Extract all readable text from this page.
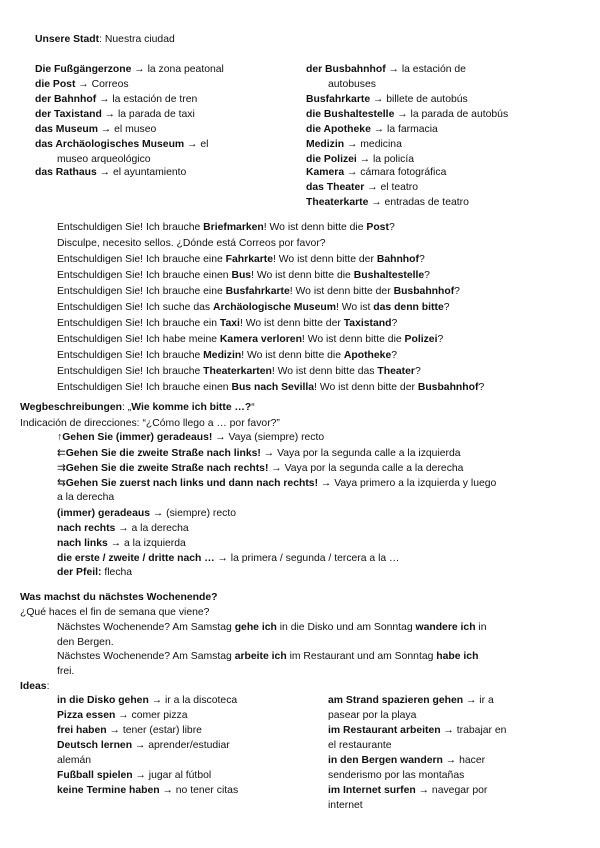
Unsere Stadt: Nuestra ciudad
Die Fußgängerzone → la zona peatonal
die Post → Correos
der Bahnhof → la estación de tren
der Taxistand → la parada de taxi
das Museum → el museo
das Archäologisches Museum → el
museo arqueológico
das Rathaus → el ayuntamiento
der Busbahnhof → la estación de
autobuses
Busfahrkarte → billete de autobús
die Bushaltestelle → la parada de autobús
die Apotheke → la farmacia
Medizin → medicina
die Polizei → la policía
Kamera → cámara fotográfica
das Theater → el teatro
Theaterkarte → entradas de teatro
Entschuldigen Sie! Ich brauche Briefmarken! Wo ist denn bitte die Post?
Disculpe, necesito sellos. ¿Dónde está Correos por favor?
Entschuldigen Sie! Ich brauche eine Fahrkarte! Wo ist denn bitte der Bahnhof?
Entschuldigen Sie! Ich brauche einen Bus! Wo ist denn bitte die Bushaltestelle?
Entschuldigen Sie! Ich brauche eine Busfahrkarte! Wo ist denn bitte der Busbahnhof?
Entschuldigen Sie! Ich suche das Archäologische Museum! Wo ist das denn bitte?
Entschuldigen Sie! Ich brauche ein Taxi! Wo ist denn bitte der Taxistand?
Entschuldigen Sie! Ich habe meine Kamera verloren! Wo ist denn bitte die Polizei?
Entschuldigen Sie! Ich brauche Medizin! Wo ist denn bitte die Apotheke?
Entschuldigen Sie! Ich brauche Theaterkarten! Wo ist denn bitte das Theater?
Entschuldigen Sie! Ich brauche einen Bus nach Sevilla! Wo ist denn bitte der Busbahnhof?
Wegbeschreibungen: „Wie komme ich bitte …?“
Indicación de direcciones: “¿Cómo llego a … por favor?”
↑Gehen Sie (immer) geradeaus! → Vaya (siempre) recto
⇇Gehen Sie die zweite Straße nach links! → Vaya por la segunda calle a la izquierda
⇉Gehen Sie die zweite Straße nach rechts! → Vaya por la segunda calle a la derecha
⇆Gehen Sie zuerst nach links und dann nach rechts! → Vaya primero a la izquierda y luego
a la derecha
(immer) geradeaus → (siempre) recto
nach rechts → a la derecha
nach links → a la izquierda
die erste / zweite / dritte nach … → la primera / segunda / tercera a la …
der Pfeil: flecha
Was machst du nächstes Wochenende?
¿Qué haces el fin de semana que viene?
Nächstes Wochenende? Am Samstag gehe ich in die Disko und am Sonntag wandere ich in
den Bergen.
Nächstes Wochenende? Am Samstag arbeite ich im Restaurant und am Sonntag habe ich
frei.
Ideas:
in die Disko gehen → ir a la discoteca
Pizza essen → comer pizza
frei haben → tener (estar) libre
Deutsch lernen → aprender/estudiar
alemán
Fußball spielen → jugar al fútbol
keine Termine haben → no tener citas
am Strand spazieren gehen → ir a
pasear por la playa
im Restaurant arbeiten → trabajar en
el restaurante
in den Bergen wandern → hacer
senderismo por las montañas
im Internet surfen → navegar por
internet
